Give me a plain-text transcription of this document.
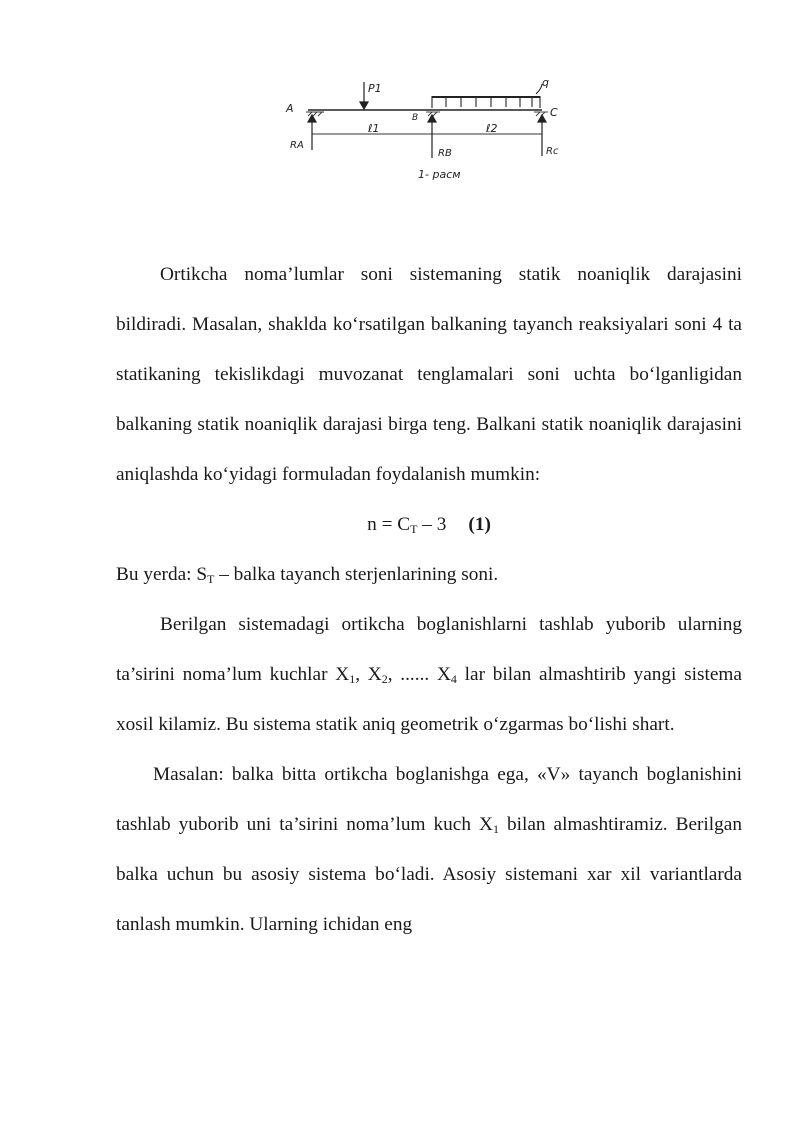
P1	q
A
B	C
ℓ1	ℓ2
RA
RB	Rc
1- рacм

Ortikcha noma’lumlar soni sistemaning statik noaniqlik darajasini bildiradi. Masalan, shaklda ko‘rsatilgan balkaning tayanch reaksiyalari soni 4 ta statikaning tekislikdagi muvozanat tenglamalari soni uchta bo‘lganligidan balkaning statik noaniqlik darajasi birga teng. Balkani statik noaniqlik darajasini aniqlashda ko‘yidagi formuladan foydalanish mumkin:

$n = C_T - 3$ (1)

Bu yerda: $S_T$ – balka tayanch sterjenlarining soni.

Berilgan sistemadagi ortikcha boglanishlarni tashlab yuborib ularning ta’sirini noma’lum kuchlar $X_1$, $X_2$, ...... $X_4$ lar bilan almashtirib yangi sistema xosil kilamiz. Bu sistema statik aniq geometrik o‘zgarmas bo‘lishi shart.

Masalan: balka bitta ortikcha boglanishga ega, «V» tayanch boglanishini tashlab yuborib uni ta’sirini noma’lum kuch $X_1$ bilan almashtiramiz. Berilgan balka uchun bu asosiy sistema bo‘ladi. Asosiy sistemani xar xil variantlarda tanlash mumkin. Ularning ichidan eng
